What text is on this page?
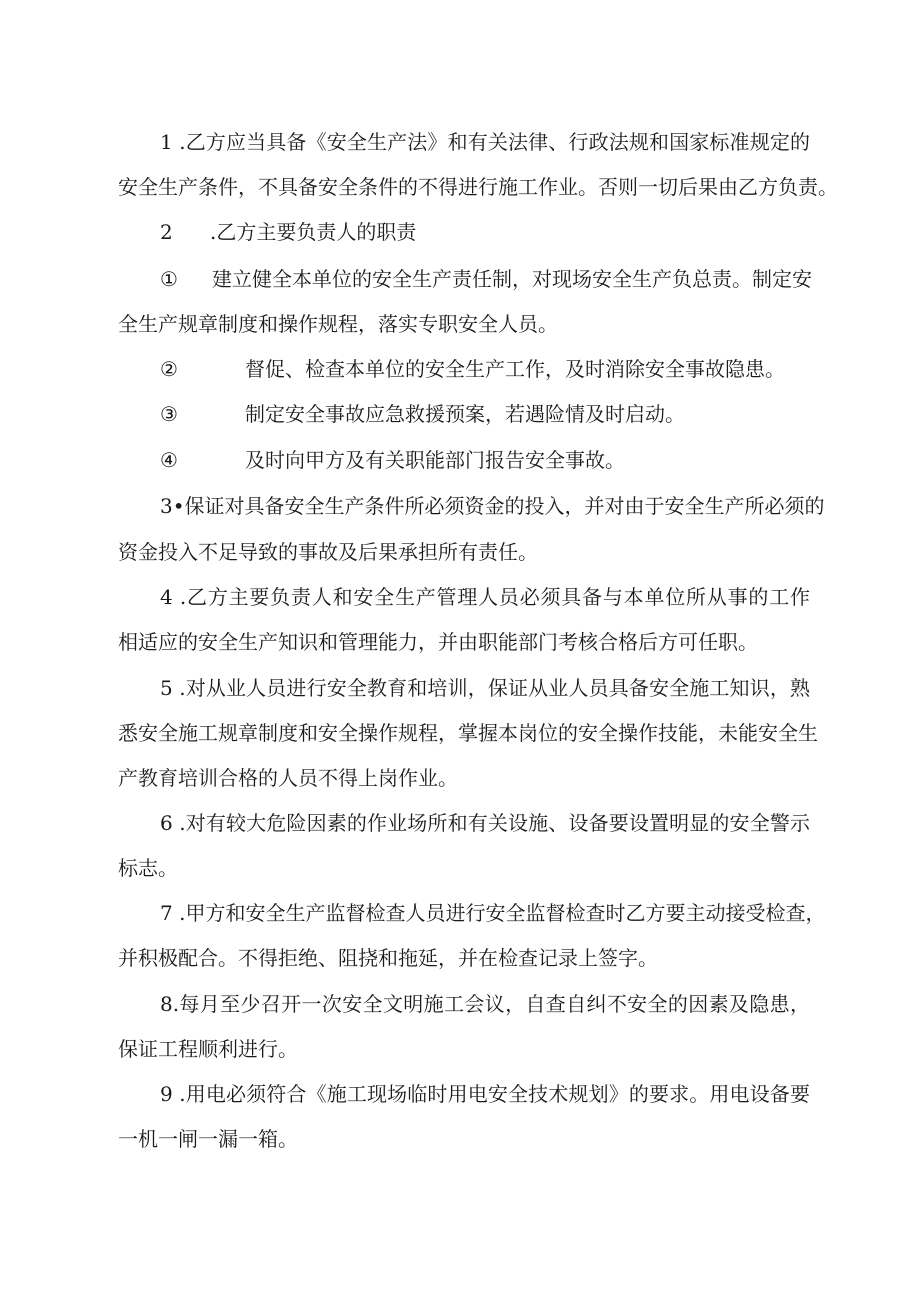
1 .乙方应当具备《安全生产法》和有关法律、行政法规和国家标准规定的

安全生产条件，不具备安全条件的不得进行施工作业。否则一切后果由乙方负责。

2 .乙方主要负责人的职责
① 建立健全本单位的安全生产责任制，对现场安全生产负总责。制定安

全生产规章制度和操作规程，落实专职安全人员。

②	督促、检查本单位的安全生产工作，及时消除安全事故隐患。
③	制定安全事故应急救援预案，若遇险情及时启动。
④	及时向甲方及有关职能部门报告安全事故。

3•保证对具备安全生产条件所必须资金的投入，并对由于安全生产所必须的

资金投入不足导致的事故及后果承担所有责任。

4 .乙方主要负责人和安全生产管理人员必须具备与本单位所从事的工作

相适应的安全生产知识和管理能力，并由职能部门考核合格后方可任职。

5 .对从业人员进行安全教育和培训，保证从业人员具备安全施工知识，熟

悉安全施工规章制度和安全操作规程，掌握本岗位的安全操作技能，未能安全生

产教育培训合格的人员不得上岗作业。

6 .对有较大危险因素的作业场所和有关设施、设备要设置明显的安全警示

标志。

7 .甲方和安全生产监督检查人员进行安全监督检查时乙方要主动接受检查，

并积极配合。不得拒绝、阻挠和拖延，并在检查记录上签字。

8.每月至少召开一次安全文明施工会议，自查自纠不安全的因素及隐患，

保证工程顺利进行。

9 .用电必须符合《施工现场临时用电安全技术规划》的要求。用电设备要

一机一闸一漏一箱。
